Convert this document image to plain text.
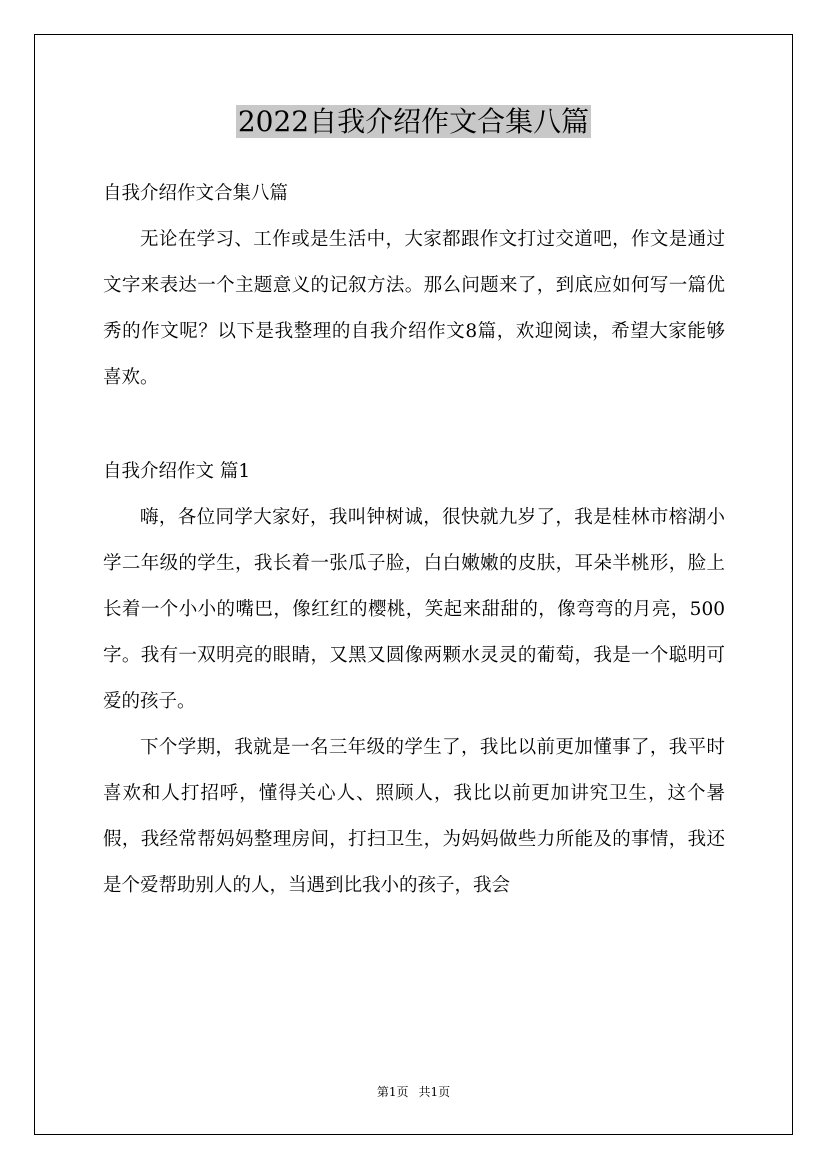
2022自我介绍作文合集八篇

自我介绍作文合集八篇

无论在学习、工作或是生活中，大家都跟作文打过交道吧，作文是通过文字来表达一个主题意义的记叙方法。那么问题来了，到底应如何写一篇优秀的作文呢？以下是我整理的自我介绍作文8篇，欢迎阅读，希望大家能够喜欢。

自我介绍作文 篇1

嗨，各位同学大家好，我叫钟树诚，很快就九岁了，我是桂林市榕湖小学二年级的学生，我长着一张瓜子脸，白白嫩嫩的皮肤，耳朵半桃形，脸上长着一个小小的嘴巴，像红红的樱桃，笑起来甜甜的，像弯弯的月亮，500字。我有一双明亮的眼睛，又黑又圆像两颗水灵灵的葡萄，我是一个聪明可爱的孩子。

下个学期，我就是一名三年级的学生了，我比以前更加懂事了，我平时喜欢和人打招呼，懂得关心人、照顾人，我比以前更加讲究卫生，这个暑假，我经常帮妈妈整理房间，打扫卫生，为妈妈做些力所能及的事情，我还是个爱帮助别人的人，当遇到比我小的孩子，我会

第1页 共1页
